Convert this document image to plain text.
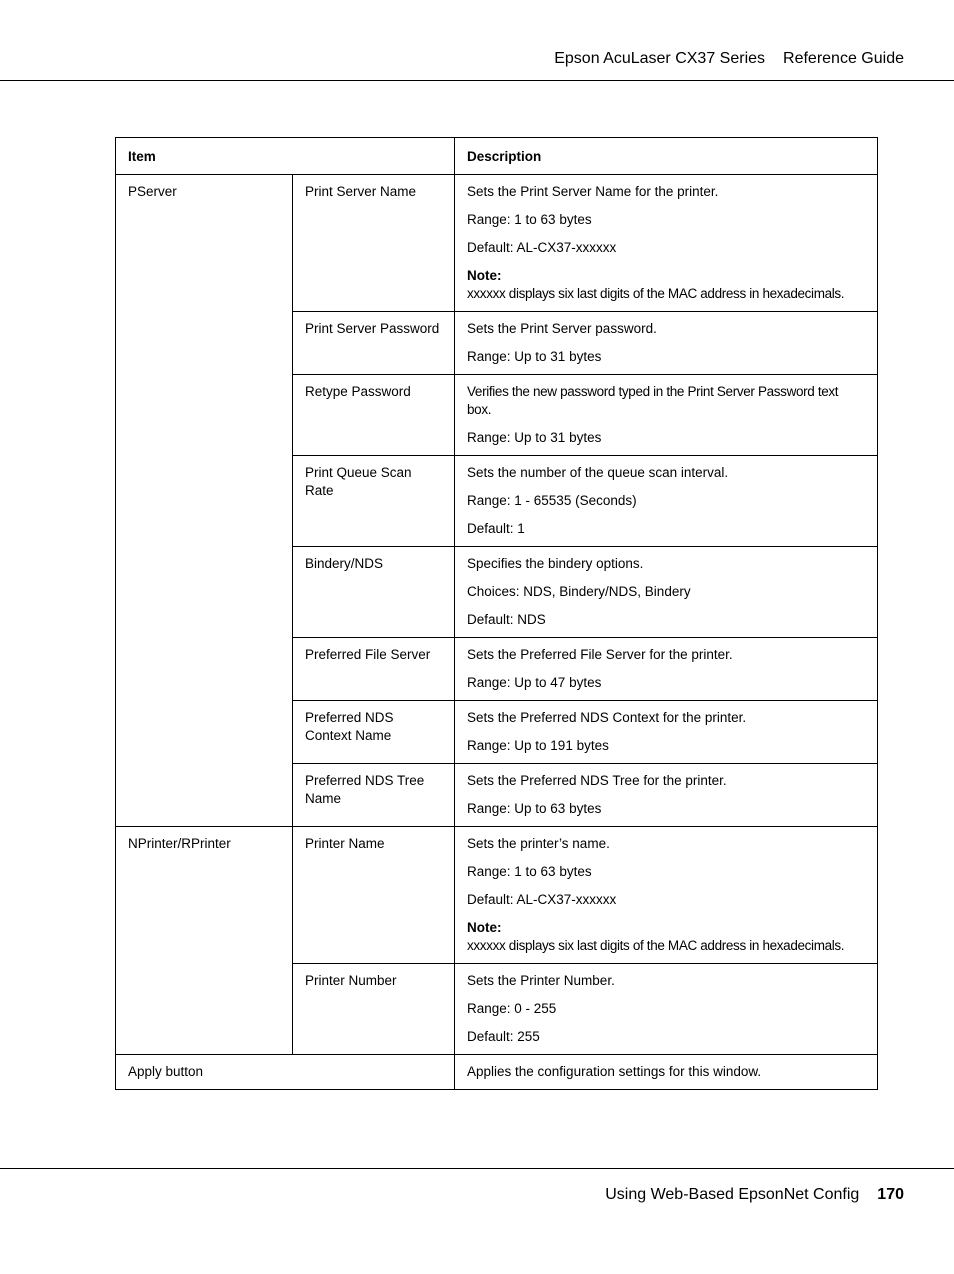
Epson AcuLaser CX37 Series Reference Guide
Item		Description
PServer	Print Server Name	Sets the Print Server Name for the printer.
Range: 1 to 63 bytes
Default: AL-CX37-xxxxxx
Note:
xxxxxx displays six last digits of the MAC address in hexadecimals.

	Print Server Password	Sets the Print Server password.
Range: Up to 31 bytes

	Retype Password	Verifies the new password typed in the Print Server Password text box.
Range: Up to 31 bytes

	Print Queue Scan Rate	Sets the number of the queue scan interval.
Range: 1 - 65535 (Seconds)
Default: 1

	Bindery/NDS	Specifies the bindery options.
Choices: NDS, Bindery/NDS, Bindery
Default: NDS

	Preferred File Server	Sets the Preferred File Server for the printer.
Range: Up to 47 bytes

	Preferred NDS Context Name	Sets the Preferred NDS Context for the printer.
Range: Up to 191 bytes

	Preferred NDS Tree Name	Sets the Preferred NDS Tree for the printer.
Range: Up to 63 bytes

NPrinter/RPrinter	Printer Name	Sets the printer’s name.
Range: 1 to 63 bytes
Default: AL-CX37-xxxxxx
Note:
xxxxxx displays six last digits of the MAC address in hexadecimals.

	Printer Number	Sets the Printer Number.
Range: 0 - 255
Default: 255

Apply button		Applies the configuration settings for this window.
Using Web-Based EpsonNet Config 170
